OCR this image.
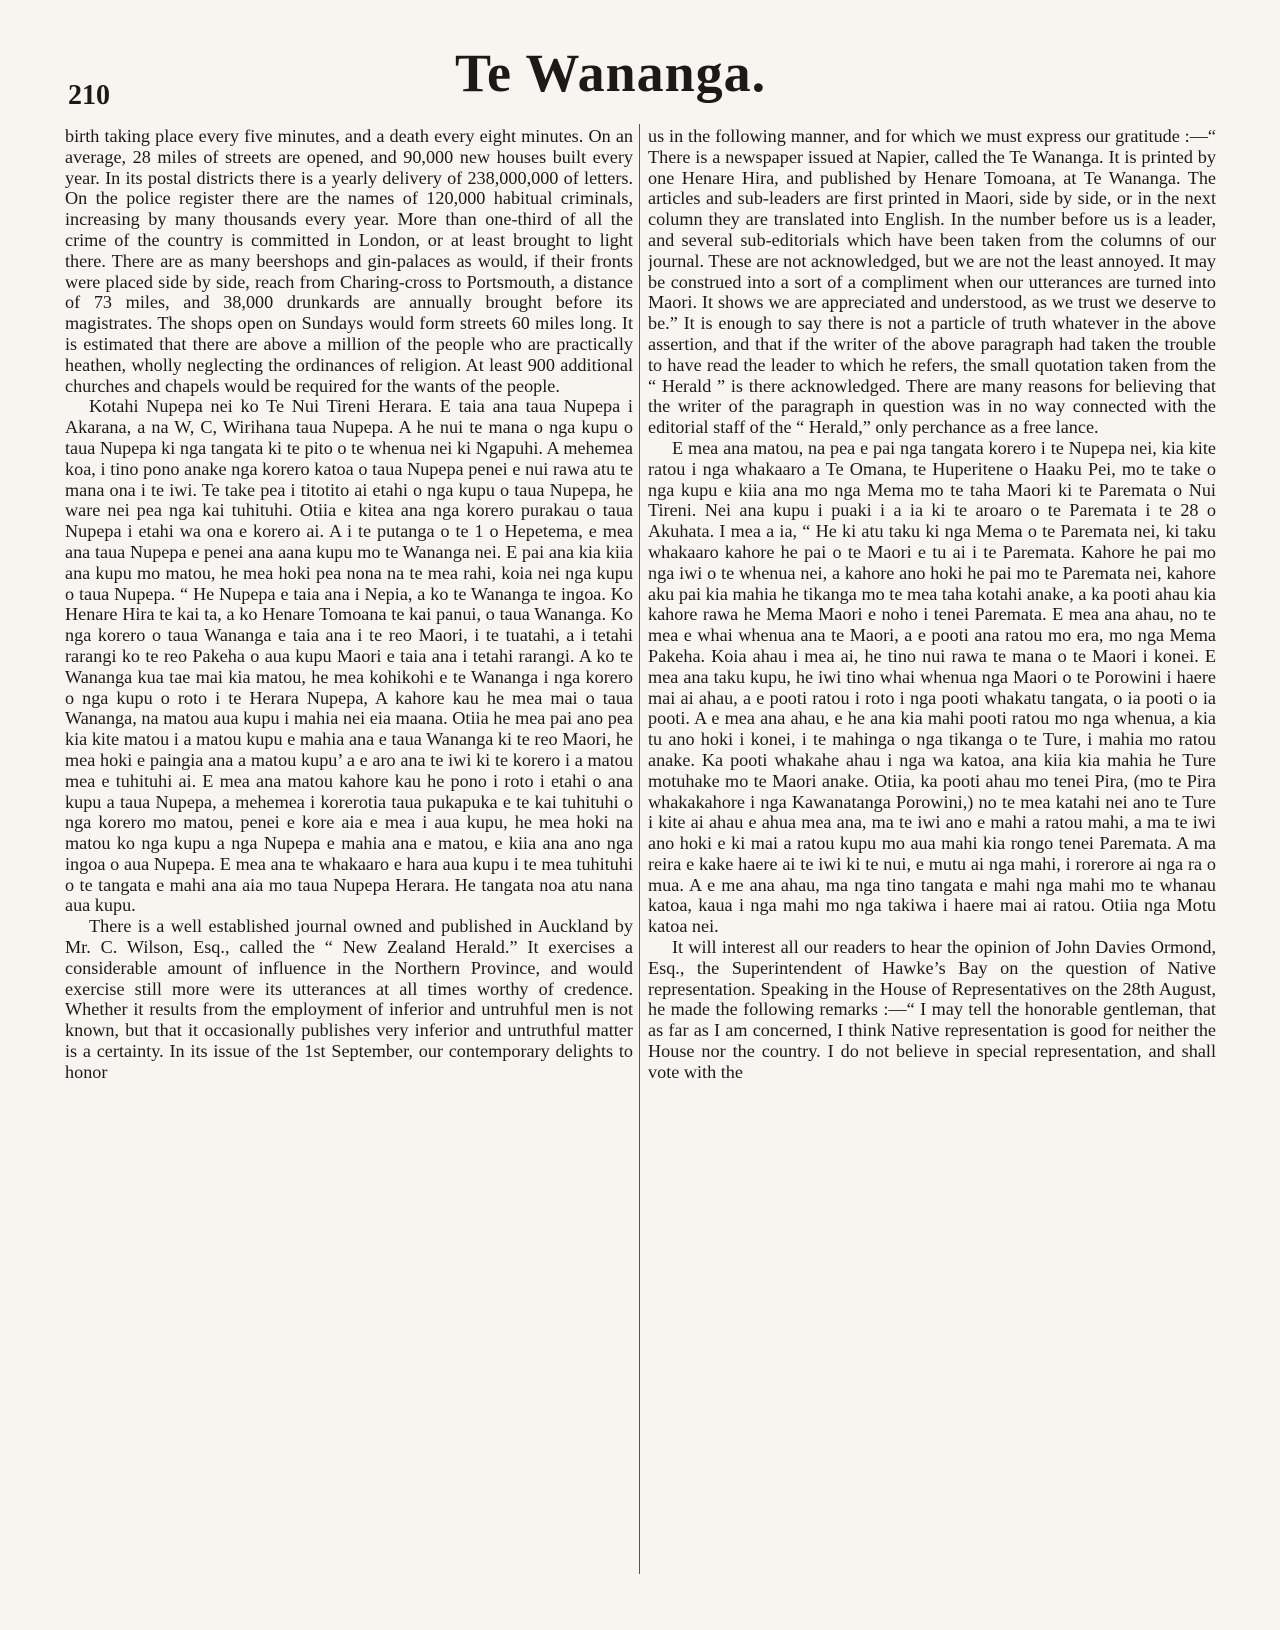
210	Te Wananga.

birth taking place every five minutes, and a death every eight minutes. On an average, 28 miles of streets are opened, and 90,000 new houses built every year. In its postal districts there is a yearly delivery of 238,000,000 of letters. On the police register there are the names of 120,000 habitual criminals, increasing by many thousands every year. More than one-third of all the crime of the country is committed in London, or at least brought to light there. There are as many beershops and gin-palaces as would, if their fronts were placed side by side, reach from Charing-cross to Portsmouth, a distance of 73 miles, and 38,000 drunkards are annually brought before its magistrates. The shops open on Sundays would form streets 60 miles long. It is estimated that there are above a million of the people who are practically heathen, wholly neglecting the ordinances of religion. At least 900 additional churches and chapels would be required for the wants of the people.

Kotahi Nupepa nei ko Te Nui Tireni Herara. E taia ana taua Nupepa i Akarana, a na W, C, Wirihana taua Nupepa. A he nui te mana o nga kupu o taua Nupepa ki nga tangata ki te pito o te whenua nei ki Ngapuhi. A mehemea koa, i tino pono anake nga korero katoa o taua Nupepa penei e nui rawa atu te mana ona i te iwi. Te take pea i titotito ai etahi o nga kupu o taua Nupepa, he ware nei pea nga kai tuhituhi. Otiia e kitea ana nga korero purakau o taua Nupepa i etahi wa ona e korero ai. A i te putanga o te 1 o Hepetema, e mea ana taua Nupepa e penei ana aana kupu mo te Wananga nei. E pai ana kia kiia ana kupu mo matou, he mea hoki pea nona na te mea rahi, koia nei nga kupu o taua Nupepa. “ He Nupepa e taia ana i Nepia, a ko te Wananga te ingoa. Ko Henare Hira te kai ta, a ko Henare Tomoana te kai panui, o taua Wananga. Ko nga korero o taua Wananga e taia ana i te reo Maori, i te tuatahi, a i tetahi rarangi ko te reo Pakeha o aua kupu Maori e taia ana i tetahi rarangi. A ko te Wananga kua tae mai kia matou, he mea kohikohi e te Wananga i nga korero o nga kupu o roto i te Herara Nupepa, A kahore kau he mea mai o taua Wananga, na matou aua kupu i mahia nei eia maana. Otiia he mea pai ano pea kia kite matou i a matou kupu e mahia ana e taua Wananga ki te reo Maori, he mea hoki e paingia ana a matou kupu’ a e aro ana te iwi ki te korero i a matou mea e tuhituhi ai. E mea ana matou kahore kau he pono i roto i etahi o ana kupu a taua Nupepa, a mehemea i korerotia taua pukapuka e te kai tuhituhi o nga korero mo matou, penei e kore aia e mea i aua kupu, he mea hoki na matou ko nga kupu a nga Nupepa e mahia ana e matou, e kiia ana ano nga ingoa o aua Nupepa. E mea ana te whakaaro e hara aua kupu i te mea tuhituhi o te tangata e mahi ana aia mo taua Nupepa Herara. He tangata noa atu nana aua kupu.

There is a well established journal owned and published in Auckland by Mr. C. Wilson, Esq., called the “ New Zealand Herald.” It exercises a considerable amount of influence in the Northern Province, and would exercise still more were its utterances at all times worthy of credence. Whether it results from the employment of inferior and untruhful men is not known, but that it occasionally publishes very inferior and untruthful matter is a certainty. In its issue of the 1st September, our contemporary delights to honor

us in the following manner, and for which we must express our gratitude :—“ There is a newspaper issued at Napier, called the Te Wananga. It is printed by one Henare Hira, and published by Henare Tomoana, at Te Wananga. The articles and sub-leaders are first printed in Maori, side by side, or in the next column they are translated into English. In the number before us is a leader, and several sub-editorials which have been taken from the columns of our journal. These are not acknowledged, but we are not the least annoyed. It may be construed into a sort of a compliment when our utterances are turned into Maori. It shows we are appreciated and understood, as we trust we deserve to be.” It is enough to say there is not a particle of truth whatever in the above assertion, and that if the writer of the above paragraph had taken the trouble to have read the leader to which he refers, the small quotation taken from the “ Herald ” is there acknowledged. There are many reasons for believing that the writer of the paragraph in question was in no way connected with the editorial staff of the “ Herald,” only perchance as a free lance.

E mea ana matou, na pea e pai nga tangata korero i te Nupepa nei, kia kite ratou i nga whakaaro a Te Omana, te Huperitene o Haaku Pei, mo te take o nga kupu e kiia ana mo nga Mema mo te taha Maori ki te Paremata o Nui Tireni. Nei ana kupu i puaki i a ia ki te aroaro o te Paremata i te 28 o Akuhata. I mea a ia, “ He ki atu taku ki nga Mema o te Paremata nei, ki taku whakaaro kahore he pai o te Maori e tu ai i te Paremata. Kahore he pai mo nga iwi o te whenua nei, a kahore ano hoki he pai mo te Paremata nei, kahore aku pai kia mahia he tikanga mo te mea taha kotahi anake, a ka pooti ahau kia kahore rawa he Mema Maori e noho i tenei Paremata. E mea ana ahau, no te mea e whai whenua ana te Maori, a e pooti ana ratou mo era, mo nga Mema Pakeha. Koia ahau i mea ai, he tino nui rawa te mana o te Maori i konei. E mea ana taku kupu, he iwi tino whai whenua nga Maori o te Porowini i haere mai ai ahau, a e pooti ratou i roto i nga pooti whakatu tangata, o ia pooti o ia pooti. A e mea ana ahau, e he ana kia mahi pooti ratou mo nga whenua, a kia tu ano hoki i konei, i te mahinga o nga tikanga o te Ture, i mahia mo ratou anake. Ka pooti whakahe ahau i nga wa katoa, ana kiia kia mahia he Ture motuhake mo te Maori anake. Otiia, ka pooti ahau mo tenei Pira, (mo te Pira whakakahore i nga Kawanatanga Porowini,) no te mea katahi nei ano te Ture i kite ai ahau e ahua mea ana, ma te iwi ano e mahi a ratou mahi, a ma te iwi ano hoki e ki mai a ratou kupu mo aua mahi kia rongo tenei Paremata. A ma reira e kake haere ai te iwi ki te nui, e mutu ai nga mahi, i rorerore ai nga ra o mua. A e me ana ahau, ma nga tino tangata e mahi nga mahi mo te whanau katoa, kaua i nga mahi mo nga takiwa i haere mai ai ratou. Otiia nga Motu katoa nei.

It will interest all our readers to hear the opinion of John Davies Ormond, Esq., the Superintendent of Hawke’s Bay on the question of Native representation. Speaking in the House of Representatives on the 28th August, he made the following remarks :—“ I may tell the honorable gentleman, that as far as I am concerned, I think Native representation is good for neither the House nor the country. I do not believe in special representation, and shall vote with the
